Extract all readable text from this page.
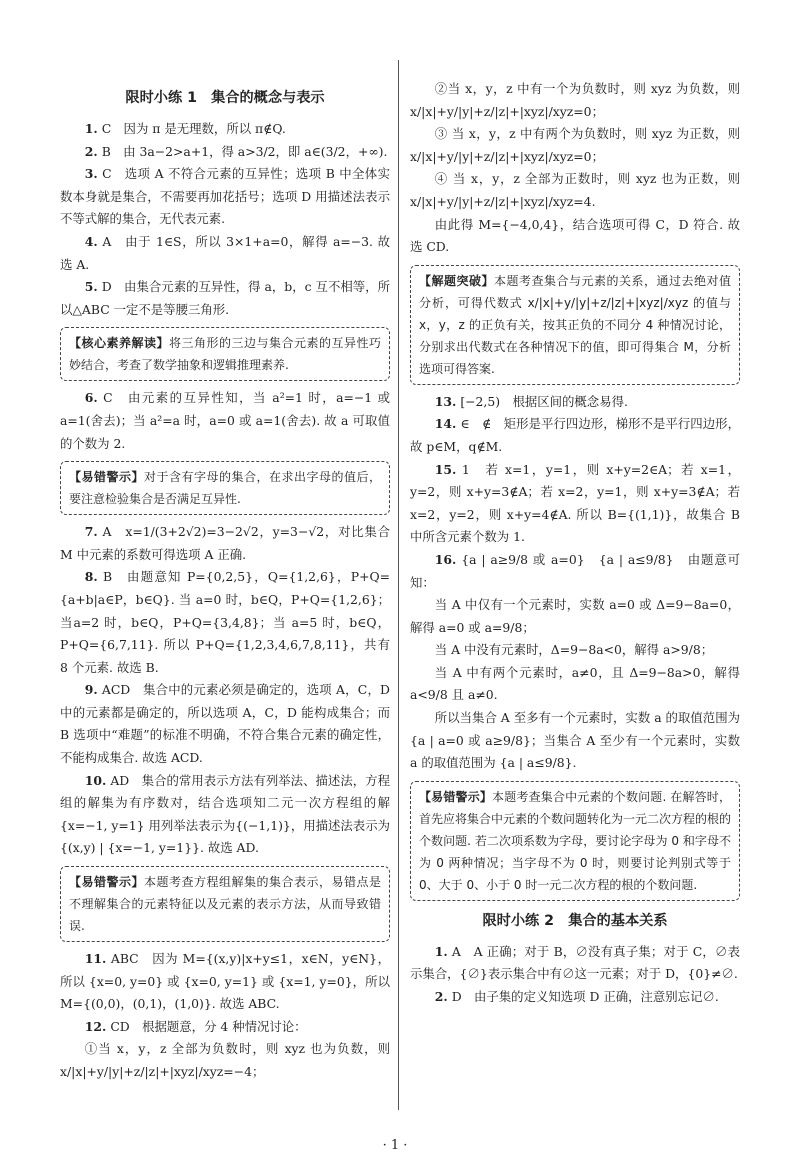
限时小练 1　集合的概念与表示

1. C　因为 π 是无理数，所以 π∉Q.

2. B　由 3a−2>a+1，得 a>3/2，即 a∈(3/2，+∞).

3. C　选项 A 不符合元素的互异性；选项 B 中全体实数本身就是集合，不需要再加花括号；选项 D 用描述法表示不等式解的集合，无代表元素.

4. A　由于 1∈S，所以 3×1+a=0，解得 a=−3. 故选 A.

5. D　由集合元素的互异性，得 a，b，c 互不相等，所以△ABC 一定不是等腰三角形.

【核心素养解读】将三角形的三边与集合元素的互异性巧妙结合，考查了数学抽象和逻辑推理素养.

6. C　由元素的互异性知，当 a²=1 时，a=−1 或 a=1(舍去)；当 a²=a 时，a=0 或 a=1(舍去). 故 a 可取值的个数为 2.

【易错警示】对于含有字母的集合，在求出字母的值后，要注意检验集合是否满足互异性.

7. A　x=1/(3+2√2)=3−2√2，y=3−√2，对比集合 M 中元素的系数可得选项 A 正确.

8. B　由题意知 P={0,2,5}，Q={1,2,6}，P+Q={a+b|a∈P，b∈Q}. 当 a=0 时，b∈Q，P+Q={1,2,6}；当a=2 时，b∈Q，P+Q={3,4,8}；当 a=5 时，b∈Q，P+Q={6,7,11}. 所以 P+Q={1,2,3,4,6,7,8,11}，共有 8 个元素. 故选 B.

9. ACD　集合中的元素必须是确定的，选项 A，C，D 中的元素都是确定的，所以选项 A，C，D 能构成集合；而 B 选项中“难题”的标准不明确，不符合集合元素的确定性，不能构成集合. 故选 ACD.

10. AD　集合的常用表示方法有列举法、描述法，方程组的解集为有序数对，结合选项知二元一次方程组的解 {x=−1, y=1} 用列举法表示为{(−1,1)}，用描述法表示为 {(x,y) | {x=−1, y=1}}. 故选 AD.

【易错警示】本题考查方程组解集的集合表示，易错点是不理解集合的元素特征以及元素的表示方法，从而导致错误.

11. ABC　因为 M={(x,y)|x+y≤1，x∈N，y∈N}，所以 {x=0, y=0} 或 {x=0, y=1} 或 {x=1, y=0}，所以 M={(0,0)，(0,1)，(1,0)}. 故选 ABC.

12. CD　根据题意，分 4 种情况讨论：

①当 x，y，z 全部为负数时，则 xyz 也为负数，则 x/|x|+y/|y|+z/|z|+|xyz|/xyz=−4；

②当 x，y，z 中有一个为负数时，则 xyz 为负数，则 x/|x|+y/|y|+z/|z|+|xyz|/xyz=0；

③ 当 x，y，z 中有两个为负数时，则 xyz 为正数，则 x/|x|+y/|y|+z/|z|+|xyz|/xyz=0；

④ 当 x，y，z 全部为正数时，则 xyz 也为正数，则 x/|x|+y/|y|+z/|z|+|xyz|/xyz=4.

由此得 M={−4,0,4}，结合选项可得 C，D 符合. 故选 CD.

【解题突破】本题考查集合与元素的关系，通过去绝对值分析，可得代数式 x/|x|+y/|y|+z/|z|+|xyz|/xyz 的值与 x，y，z 的正负有关，按其正负的不同分 4 种情况讨论，分别求出代数式在各种情况下的值，即可得集合 M，分析选项可得答案.

13. [−2,5)　根据区间的概念易得.

14. ∈　∉　矩形是平行四边形，梯形不是平行四边形，故 p∈M，q∉M.

15. 1　若 x=1，y=1，则 x+y=2∈A；若 x=1，y=2，则 x+y=3∉A；若 x=2，y=1，则 x+y=3∉A；若 x=2，y=2，则 x+y=4∉A. 所以 B={(1,1)}，故集合 B 中所含元素个数为 1.

16. {a | a≥9/8 或 a=0}　{a | a≤9/8}　由题意可知：

当 A 中仅有一个元素时，实数 a=0 或 Δ=9−8a=0，解得 a=0 或 a=9/8；

当 A 中没有元素时，Δ=9−8a<0，解得 a>9/8；

当 A 中有两个元素时，a≠0，且 Δ=9−8a>0，解得 a<9/8 且 a≠0.

所以当集合 A 至多有一个元素时，实数 a 的取值范围为 {a | a=0 或 a≥9/8}；当集合 A 至少有一个元素时，实数 a 的取值范围为 {a | a≤9/8}.

【易错警示】本题考查集合中元素的个数问题. 在解答时，首先应将集合中元素的个数问题转化为一元二次方程的根的个数问题. 若二次项系数为字母，要讨论字母为 0 和字母不为 0 两种情况；当字母不为 0 时，则要讨论判别式等于 0、大于 0、小于 0 时一元二次方程的根的个数问题.
限时小练 2　集合的基本关系

1. A　A 正确；对于 B，∅没有真子集；对于 C，∅表示集合，{∅}表示集合中有∅这一元素；对于 D，{0}≠∅.

2. D　由子集的定义知选项 D 正确，注意别忘记∅.

· 1 ·
